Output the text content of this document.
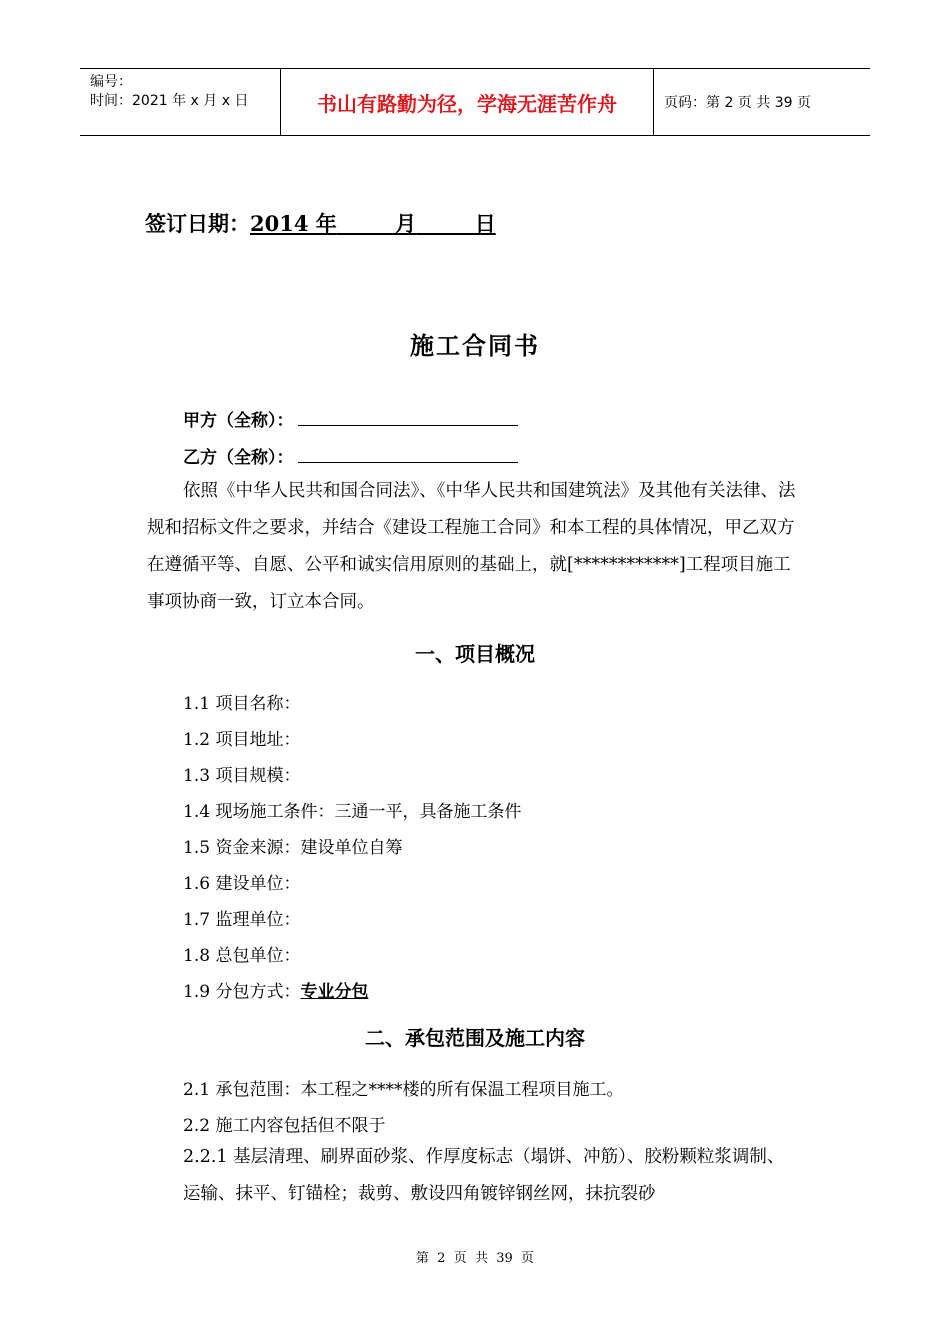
编号：
时间：2021 年 x 月 x 日	书山有路勤为径，学海无涯苦作舟	页码：第 2 页 共 39 页
签订日期：2014 年        月        日
施工合同书
甲方（全称）：
乙方（全称）：
依照《中华人民共和国合同法》、《中华人民共和国建筑法》及其他有关法律、法规和招标文件之要求，并结合《建设工程施工合同》和本工程的具体情况，甲乙双方在遵循平等、自愿、公平和诚实信用原则的基础上，就[************]工程项目施工事项协商一致，订立本合同。
一、项目概况
1.1 项目名称：
1.2 项目地址：
1.3 项目规模：
1.4 现场施工条件：三通一平，具备施工条件
1.5 资金来源：建设单位自筹
1.6 建设单位：
1.7 监理单位：
1.8 总包单位：
1.9 分包方式：专业分包
二、承包范围及施工内容
2.1 承包范围：本工程之****楼的所有保温工程项目施工。
2.2 施工内容包括但不限于
2.2.1 基层清理、刷界面砂浆、作厚度标志（塌饼、冲筋）、胶粉颗粒浆调制、运输、抹平、钉锚栓；裁剪、敷设四角镀锌钢丝网，抹抗裂砂
第  2  页  共  39  页
